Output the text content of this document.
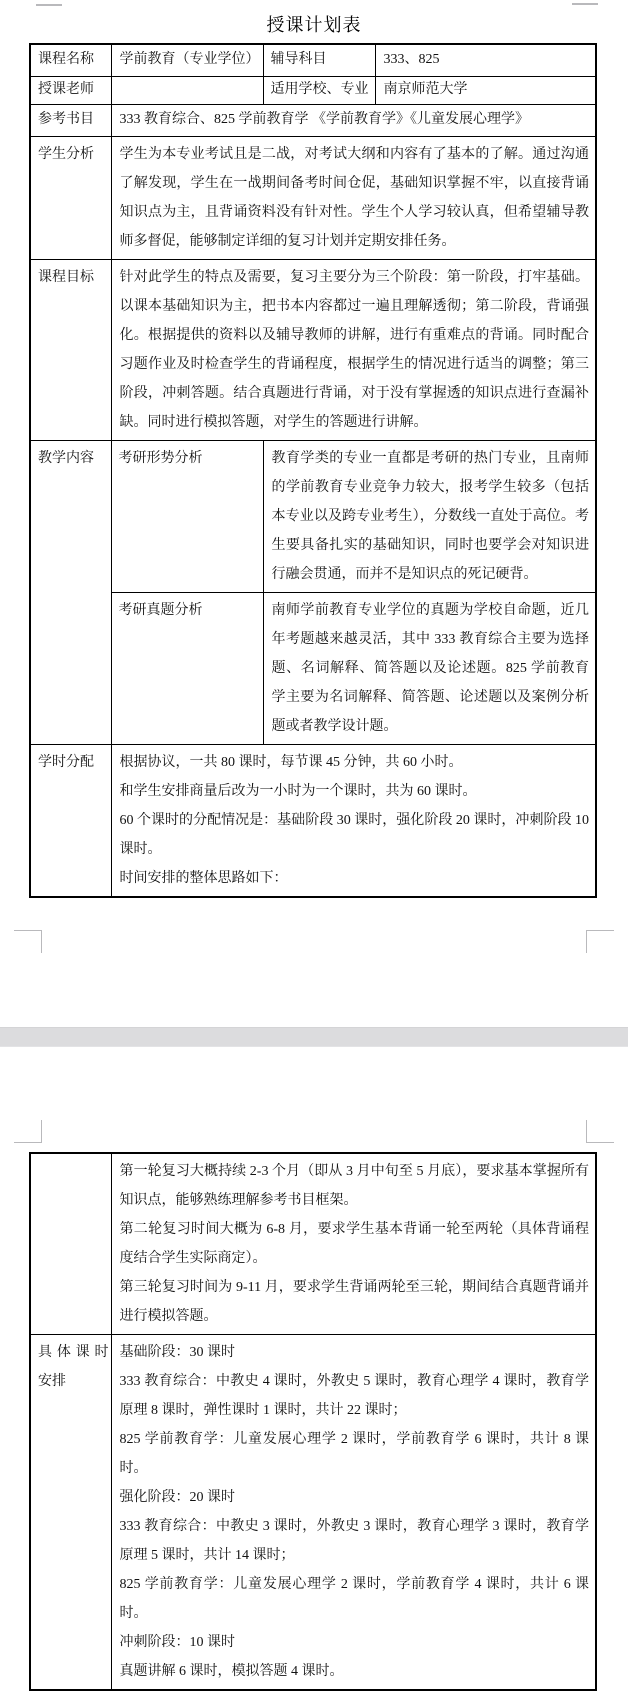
授课计划表
课程名称	学前教育（专业学位）	辅导科目	333、825
授课老师		适用学校、专业	南京师范大学
参考书目	333 教育综合、825 学前教育学 《学前教育学》《儿童发展心理学》		
学生分析	学生为本专业考试且是二战，对考试大纲和内容有了基本的了解。通过沟通了解发现，学生在一战期间备考时间仓促，基础知识掌握不牢，以直接背诵知识点为主，且背诵资料没有针对性。学生个人学习较认真，但希望辅导教师多督促，能够制定详细的复习计划并定期安排任务。		
课程目标	针对此学生的特点及需要，复习主要分为三个阶段：第一阶段，打牢基础。以课本基础知识为主，把书本内容都过一遍且理解透彻；第二阶段，背诵强化。根据提供的资料以及辅导教师的讲解，进行有重难点的背诵。同时配合习题作业及时检查学生的背诵程度，根据学生的情况进行适当的调整；第三阶段，冲刺答题。结合真题进行背诵，对于没有掌握透的知识点进行查漏补缺。同时进行模拟答题，对学生的答题进行讲解。		
教学内容	考研形势分析	教育学类的专业一直都是考研的热门专业，且南师的学前教育专业竞争力较大，报考学生较多（包括本专业以及跨专业考生），分数线一直处于高位。考生要具备扎实的基础知识，同时也要学会对知识进行融会贯通，而并不是知识点的死记硬背。	
	考研真题分析	南师学前教育专业学位的真题为学校自命题，近几年考题越来越灵活，其中 333 教育综合主要为选择题、名词解释、简答题以及论述题。825 学前教育学主要为名词解释、简答题、论述题以及案例分析题或者教学设计题。	
学时分配	根据协议，一共 80 课时，每节课 45 分钟，共 60 小时。
和学生安排商量后改为一小时为一个课时，共为 60 课时。
60 个课时的分配情况是：基础阶段 30 课时，强化阶段 20 课时，冲刺阶段 10 课时。
时间安排的整体思路如下：		

	第一轮复习大概持续 2-3 个月（即从 3 月中旬至 5 月底），要求基本掌握所有知识点，能够熟练理解参考书目框架。
第二轮复习时间大概为 6-8 月，要求学生基本背诵一轮至两轮（具体背诵程度结合学生实际商定）。
第三轮复习时间为 9-11 月，要求学生背诵两轮至三轮，期间结合真题背诵并进行模拟答题。

具体课时
安排

基础阶段：30 课时
333 教育综合：中教史 4 课时，外教史 5 课时，教育心理学 4 课时，教育学原理 8 课时，弹性课时 1 课时，共计 22 课时；
825 学前教育学：儿童发展心理学 2 课时，学前教育学 6 课时，共计 8 课时。
强化阶段：20 课时
333 教育综合：中教史 3 课时，外教史 3 课时，教育心理学 3 课时，教育学原理 5 课时，共计 14 课时；
825 学前教育学：儿童发展心理学 2 课时，学前教育学 4 课时，共计 6 课时。
冲刺阶段：10 课时
真题讲解 6 课时，模拟答题 4 课时。
